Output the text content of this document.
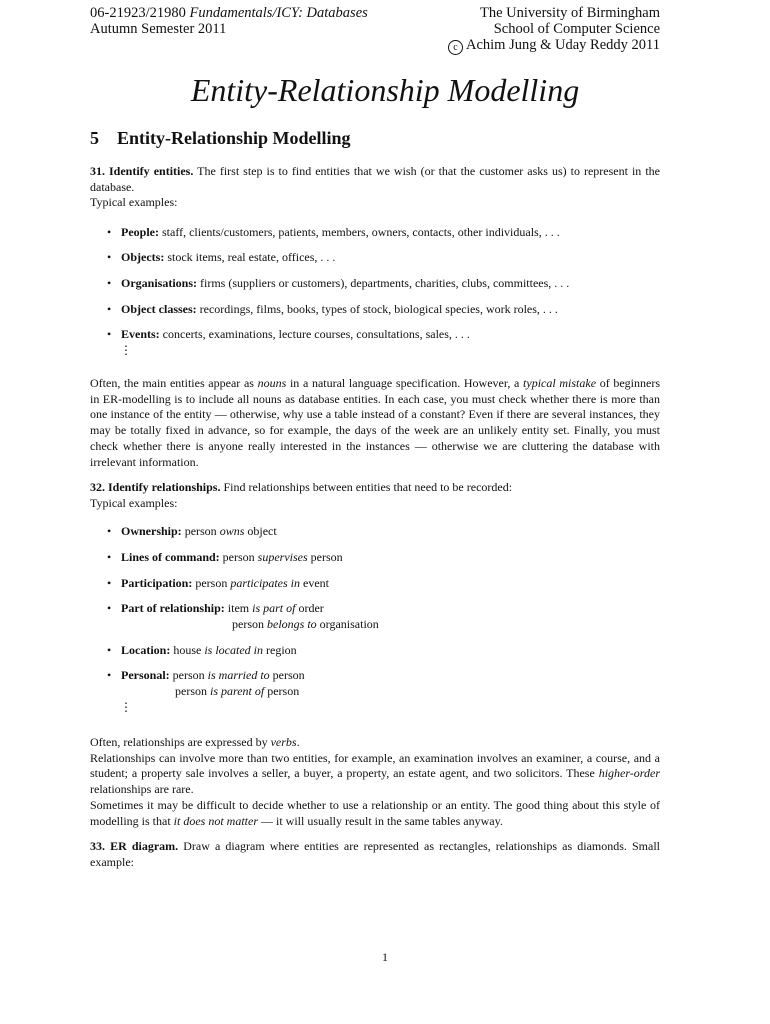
06-21923/21980 Fundamentals/ICY: Databases
Autumn Semester 2011
The University of Birmingham
School of Computer Science
c Achim Jung & Uday Reddy 2011
Entity-Relationship Modelling
5 Entity-Relationship Modelling
31. Identify entities. The first step is to find entities that we wish (or that the customer asks us) to represent in the database.
Typical examples:
• People: staff, clients/customers, patients, members, owners, contacts, other individuals, . . .
• Objects: stock items, real estate, offices, . . .
• Organisations: firms (suppliers or customers), departments, charities, clubs, committees, . . .
• Object classes: recordings, films, books, types of stock, biological species, work roles, . . .
• Events: concerts, examinations, lecture courses, consultations, sales, . . .
⋮
Often, the main entities appear as nouns in a natural language specification. However, a typical mistake of beginners in ER-modelling is to include all nouns as database entities. In each case, you must check whether there is more than one instance of the entity — otherwise, why use a table instead of a constant? Even if there are several instances, they may be totally fixed in advance, so for example, the days of the week are an unlikely entity set. Finally, you must check whether there is anyone really interested in the instances — otherwise we are cluttering the database with irrelevant information.
32. Identify relationships. Find relationships between entities that need to be recorded:
Typical examples:
• Ownership: person owns object
• Lines of command: person supervises person
• Participation: person participates in event
• Part of relationship: item is part of order
person belongs to organisation
• Location: house is located in region
• Personal: person is married to person
person is parent of person
⋮
Often, relationships are expressed by verbs.
Relationships can involve more than two entities, for example, an examination involves an examiner, a course, and a student; a property sale involves a seller, a buyer, a property, an estate agent, and two solicitors. These higher-order relationships are rare.
Sometimes it may be difficult to decide whether to use a relationship or an entity. The good thing about this style of modelling is that it does not matter — it will usually result in the same tables anyway.
33. ER diagram. Draw a diagram where entities are represented as rectangles, relationships as diamonds. Small example:
1
